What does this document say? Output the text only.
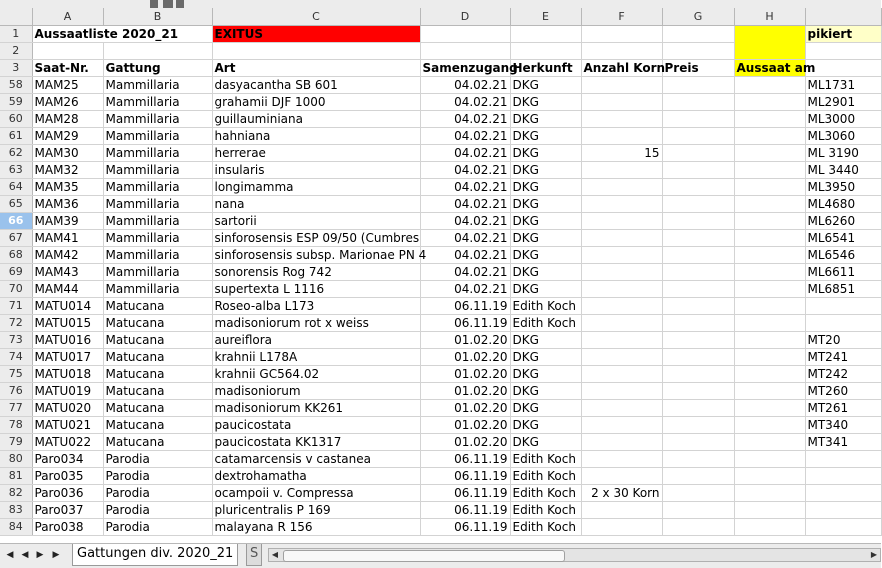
	A	B	C	D	E	F	G	H	
1	Aussaatliste 2020_21		EXITUS						pikiert
2									
3	Saat-Nr.	Gattung	Art	Samenzugang	Herkunft	Anzahl Korn	Preis	Aussaat am	
58	MAM25	Mammillaria	dasyacantha SB 601	04.02.21	DKG				ML1731
59	MAM26	Mammillaria	grahamii DJF 1000	04.02.21	DKG				ML2901
60	MAM28	Mammillaria	guillauminiana	04.02.21	DKG				ML3000
61	MAM29	Mammillaria	hahniana	04.02.21	DKG				ML3060
62	MAM30	Mammillaria	herrerae	04.02.21	DKG	15			ML 3190
63	MAM32	Mammillaria	insularis	04.02.21	DKG				ML 3440
64	MAM35	Mammillaria	longimamma	04.02.21	DKG				ML3950
65	MAM36	Mammillaria	nana	04.02.21	DKG				ML4680
66	MAM39	Mammillaria	sartorii	04.02.21	DKG				ML6260
67	MAM41	Mammillaria	sinforosensis ESP 09/50 (Cumbres	04.02.21	DKG				ML6541
68	MAM42	Mammillaria	sinforosensis subsp. Marionae PN 4	04.02.21	DKG				ML6546
69	MAM43	Mammillaria	sonorensis Rog 742	04.02.21	DKG				ML6611
70	MAM44	Mammillaria	supertexta L 1116	04.02.21	DKG				ML6851
71	MATU014	Matucana	Roseo-alba L173	06.11.19	Edith Koch				
72	MATU015	Matucana	madisoniorum rot x weiss	06.11.19	Edith Koch				
73	MATU016	Matucana	aureiflora	01.02.20	DKG				MT20
74	MATU017	Matucana	krahnii L178A	01.02.20	DKG				MT241
75	MATU018	Matucana	krahnii GC564.02	01.02.20	DKG				MT242
76	MATU019	Matucana	madisoniorum	01.02.20	DKG				MT260
77	MATU020	Matucana	madisoniorum KK261	01.02.20	DKG				MT261
78	MATU021	Matucana	paucicostata	01.02.20	DKG				MT340
79	MATU022	Matucana	paucicostata KK1317	01.02.20	DKG				MT341
80	Paro034	Parodia	catamarcensis v castanea	06.11.19	Edith Koch				
81	Paro035	Parodia	dextrohamatha	06.11.19	Edith Koch				
82	Paro036	Parodia	ocampoii v. Compressa	06.11.19	Edith Koch	2 x 30 Korn			
83	Paro037	Parodia	pluricentralis P 169	06.11.19	Edith Koch				
84	Paro038	Parodia	malayana R 156	06.11.19	Edith Koch				
◀ ◀ ▶ ▶	Gattungen div. 2020_21	S	◀	▶
